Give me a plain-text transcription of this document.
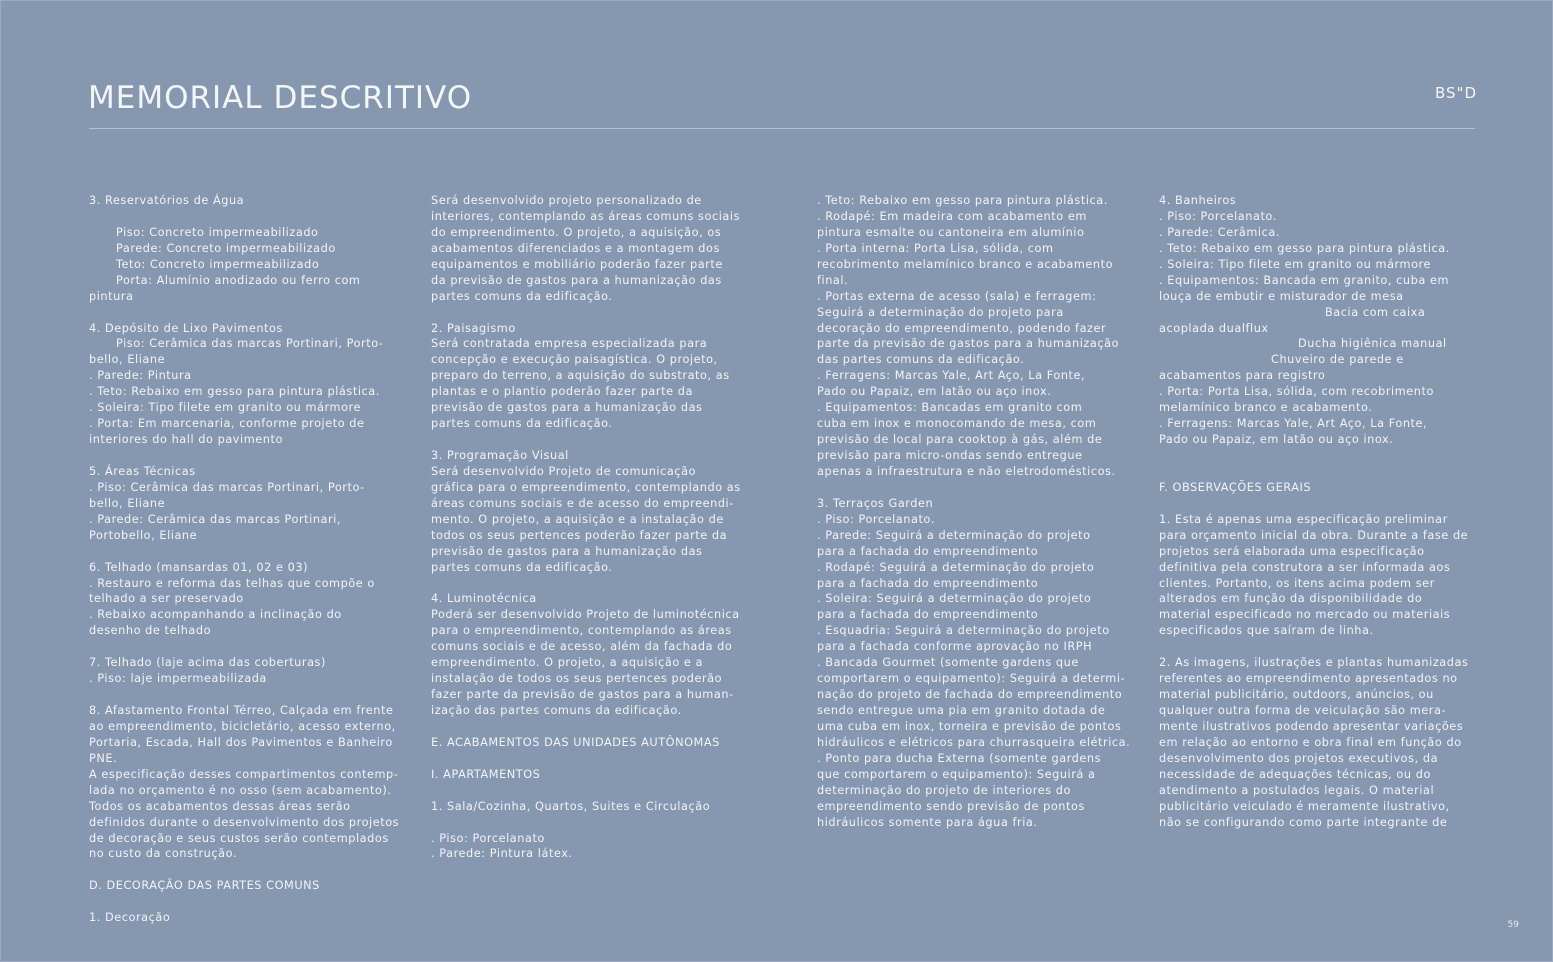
MEMORIAL DESCRITIVO	BS"D
3. Reservatórios de Água
Piso: Concreto impermeabilizado
Parede: Concreto impermeabilizado
Teto: Concreto impermeabilizado
Porta: Alumínio anodizado ou ferro com
pintura
4. Depósito de Lixo Pavimentos
Piso: Cerâmica das marcas Portinari, Porto-
bello, Eliane
. Parede: Pintura
. Teto: Rebaixo em gesso para pintura plástica.
. Soleira: Tipo filete em granito ou mármore
. Porta: Em marcenaria, conforme projeto de
interiores do hall do pavimento
5. Áreas Técnicas
. Piso: Cerâmica das marcas Portinari, Porto-
bello, Eliane
. Parede: Cerâmica das marcas Portinari,
Portobello, Eliane
6. Telhado (mansardas 01, 02 e 03)
. Restauro e reforma das telhas que compõe o
telhado a ser preservado
. Rebaixo acompanhando a inclinação do
desenho de telhado
7. Telhado (laje acima das coberturas)
. Piso: laje impermeabilizada
8. Afastamento Frontal Térreo, Calçada em frente
ao empreendimento, bicicletário, acesso externo,
Portaria, Escada, Hall dos Pavimentos e Banheiro
PNE.
A especificação desses compartimentos contemp-
lada no orçamento é no osso (sem acabamento).
Todos os acabamentos dessas áreas serão
definidos durante o desenvolvimento dos projetos
de decoração e seus custos serão contemplados
no custo da construção.
D. DECORAÇÃO DAS PARTES COMUNS
1. Decoração
Será desenvolvido projeto personalizado de
interiores, contemplando as áreas comuns sociais
do empreendimento. O projeto, a aquisição, os
acabamentos diferenciados e a montagem dos
equipamentos e mobiliário poderão fazer parte
da previsão de gastos para a humanização das
partes comuns da edificação.
2. Paisagismo
Será contratada empresa especializada para
concepção e execução paisagística. O projeto,
preparo do terreno, a aquisição do substrato, as
plantas e o plantio poderão fazer parte da
previsão de gastos para a humanização das
partes comuns da edificação.
3. Programação Visual
Será desenvolvido Projeto de comunicação
gráfica para o empreendimento, contemplando as
áreas comuns sociais e de acesso do empreendi-
mento. O projeto, a aquisição e a instalação de
todos os seus pertences poderão fazer parte da
previsão de gastos para a humanização das
partes comuns da edificação.
4. Luminotécnica
Poderá ser desenvolvido Projeto de luminotécnica
para o empreendimento, contemplando as áreas
comuns sociais e de acesso, além da fachada do
empreendimento. O projeto, a aquisição e a
instalação de todos os seus pertences poderão
fazer parte da previsão de gastos para a human-
ização das partes comuns da edificação.
E. ACABAMENTOS DAS UNIDADES AUTÔNOMAS
I. APARTAMENTOS
1. Sala/Cozinha, Quartos, Suites e Circulação
. Piso: Porcelanato
. Parede: Pintura látex.
. Teto: Rebaixo em gesso para pintura plástica.
. Rodapé: Em madeira com acabamento em
pintura esmalte ou cantoneira em alumínio
. Porta interna: Porta Lisa, sólida, com
recobrimento melamínico branco e acabamento
final.
. Portas externa de acesso (sala) e ferragem:
Seguirá a determinação do projeto para
decoração do empreendimento, podendo fazer
parte da previsão de gastos para a humanização
das partes comuns da edificação.
. Ferragens: Marcas Yale, Art Aço, La Fonte,
Pado ou Papaiz, em latão ou aço inox.
. Equipamentos: Bancadas em granito com
cuba em inox e monocomando de mesa, com
previsão de local para cooktop à gás, além de
previsão para micro-ondas sendo entregue
apenas a infraestrutura e não eletrodomésticos.
3. Terraços Garden
. Piso: Porcelanato.
. Parede: Seguirá a determinação do projeto
para a fachada do empreendimento
. Rodapé: Seguirá a determinação do projeto
para a fachada do empreendimento
. Soleira: Seguirá a determinação do projeto
para a fachada do empreendimento
. Esquadria: Seguirá a determinação do projeto
para a fachada conforme aprovação no IRPH
. Bancada Gourmet (somente gardens que
comportarem o equipamento): Seguirá a determi-
nação do projeto de fachada do empreendimento
sendo entregue uma pia em granito dotada de
uma cuba em inox, torneira e previsão de pontos
hidráulicos e elétricos para churrasqueira elétrica.
. Ponto para ducha Externa (somente gardens
que comportarem o equipamento): Seguirá a
determinação do projeto de interiores do
empreendimento sendo previsão de pontos
hidráulicos somente para água fria.
4. Banheiros
. Piso: Porcelanato.
. Parede: Cerâmica.
. Teto: Rebaixo em gesso para pintura plástica.
. Soleira: Tipo filete em granito ou mármore
. Equipamentos: Bancada em granito, cuba em
louça de embutir e misturador de mesa
Bacia com caixa
acoplada dualflux
Ducha higiênica manual
Chuveiro de parede e
acabamentos para registro
. Porta: Porta Lisa, sólida, com recobrimento
melamínico branco e acabamento.
. Ferragens: Marcas Yale, Art Aço, La Fonte,
Pado ou Papaiz, em latão ou aço inox.
F. OBSERVAÇÕES GERAIS
1. Esta é apenas uma especificação preliminar
para orçamento inicial da obra. Durante a fase de
projetos será elaborada uma especificação
definitiva pela construtora a ser informada aos
clientes. Portanto, os itens acima podem ser
alterados em função da disponibilidade do
material especificado no mercado ou materiais
especificados que saíram de linha.
2. As imagens, ilustrações e plantas humanizadas
referentes ao empreendimento apresentados no
material publicitário, outdoors, anúncios, ou
qualquer outra forma de veiculação são mera-
mente ilustrativos podendo apresentar variações
em relação ao entorno e obra final em função do
desenvolvimento dos projetos executivos, da
necessidade de adequações técnicas, ou do
atendimento a postulados legais. O material
publicitário veiculado é meramente ilustrativo,
não se configurando como parte integrante de
59
